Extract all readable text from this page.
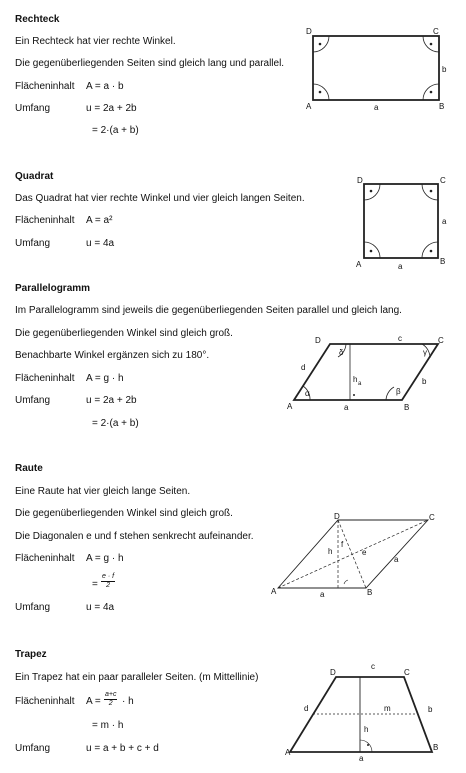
Rechteck
Ein Rechteck hat vier rechte Winkel.
Die gegenüberliegenden Seiten sind gleich lang und parallel.
Flächeninhalt A = a · b
Umfang	u = 2a + 2b
= 2·(a + b)
D	C
A	B
a
b
Quadrat
Das Quadrat hat vier rechte Winkel und vier gleich langen Seiten.
Flächeninhalt A = a²
Umfang	u = 4a
D	C
A	B
a
a
Parallelogramm
Im Parallelogramm sind jeweils die gegenüberliegenden Seiten parallel und gleich lang.
Die gegenüberliegenden Winkel sind gleich groß.
Benachbarte Winkel ergänzen sich zu 180°.
Flächeninhalt A = g · h
Umfang	u = 2a + 2b
= 2·(a + b)
A	B
C
D
a
b
c
d
h a
α	β
γ
δ
Raute
Eine Raute hat vier gleich lange Seiten.
Die gegenüberliegenden Winkel sind gleich groß.
Die Diagonalen e und f stehen senkrecht aufeinander.
Flächeninhalt A = g · h
= $\frac{e \cdot f}{2}$
Umfang	u = 4a
A	B
C
D
a
a
e
f
h
Trapez
Ein Trapez hat ein paar paralleler Seiten. (m Mittellinie)
Flächeninhalt $A = \frac{a+c}{2} \cdot h$
= m · h
Umfang	u = a + b + c + d	A
B
C
D
a
b
c
d
h
m
